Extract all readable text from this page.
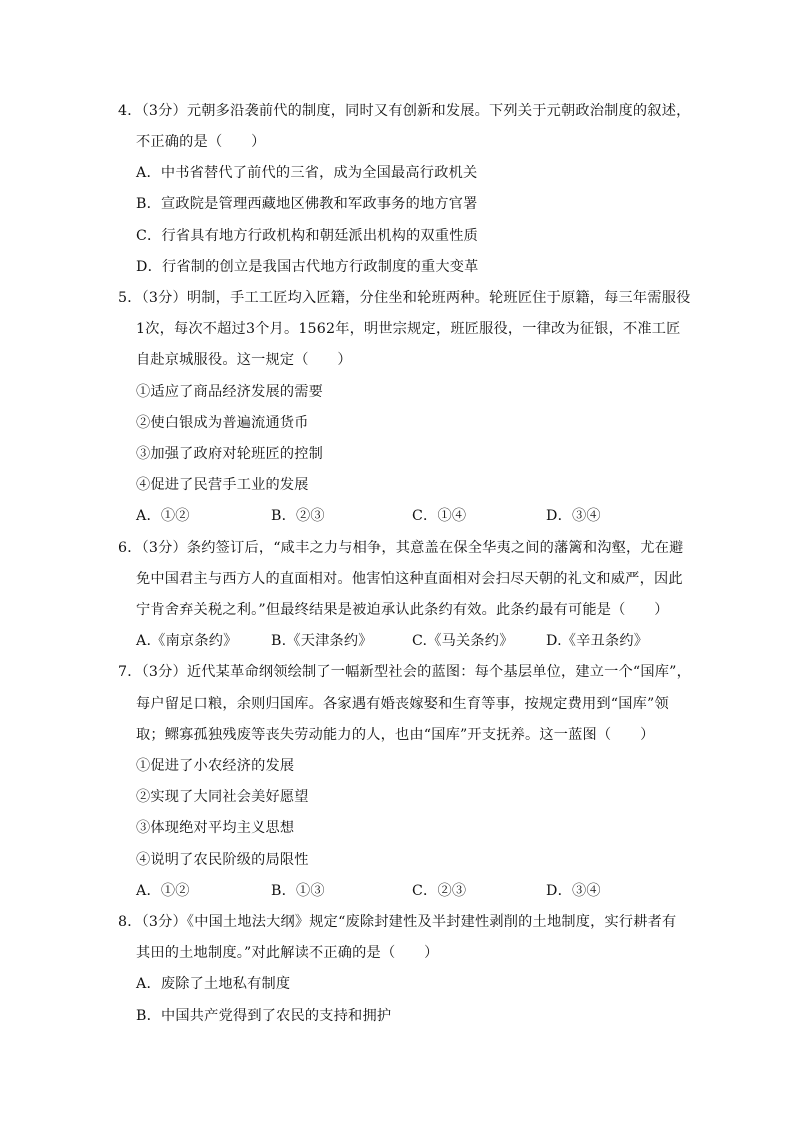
4．（3分）元朝多沿袭前代的制度，同时又有创新和发展。下列关于元朝政治制度的叙述，
不正确的是（　　）
A．中书省替代了前代的三省，成为全国最高行政机关
B．宣政院是管理西藏地区佛教和军政事务的地方官署
C．行省具有地方行政机构和朝廷派出机构的双重性质
D．行省制的创立是我国古代地方行政制度的重大变革
5．（3分）明制，手工工匠均入匠籍，分住坐和轮班两种。轮班匠住于原籍，每三年需服役
1次，每次不超过3个月。1562年，明世宗规定，班匠服役，一律改为征银，不准工匠
自赴京城服役。这一规定（　　）
①适应了商品经济发展的需要
②使白银成为普遍流通货币
③加强了政府对轮班匠的控制
④促进了民营手工业的发展
A．①②	B．②③	C．①④	D．③④
6．（3分）条约签订后，“咸丰之力与相争，其意盖在保全华夷之间的藩篱和沟壑，尤在避
免中国君主与西方人的直面相对。他害怕这种直面相对会扫尽天朝的礼文和威严，因此
宁肯舍弃关税之利。”但最终结果是被迫承认此条约有效。此条约最有可能是（　　）
A.《南京条约》 B.《天津条约》	C.《马关条约》 D.《辛丑条约》
7．（3分）近代某革命纲领绘制了一幅新型社会的蓝图：每个基层单位，建立一个“国库”，
每户留足口粮，余则归国库。各家遇有婚丧嫁娶和生育等事，按规定费用到“国库”领
取；鳏寡孤独残废等丧失劳动能力的人，也由“国库”开支抚养。这一蓝图（　　）
①促进了小农经济的发展
②实现了大同社会美好愿望
③体现绝对平均主义思想
④说明了农民阶级的局限性
A．①②	B．①③	C．②③	D．③④
8．（3分）《中国土地法大纲》规定“废除封建性及半封建性剥削的土地制度，实行耕者有
其田的土地制度。”对此解读不正确的是（　　）
A．废除了土地私有制度
B．中国共产党得到了农民的支持和拥护
